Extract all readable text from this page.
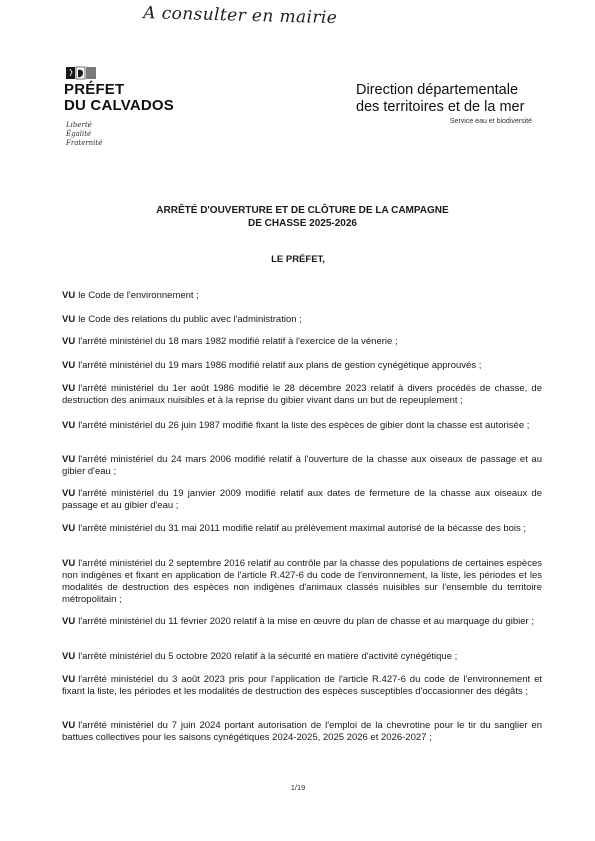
A consulter en mairie
PRÉFET
DU CALVADOS
Liberté
Égalité
Fraternité
Direction départementale
des territoires et de la mer
Service eau et biodiversité
ARRÊTÉ D'OUVERTURE ET DE CLÔTURE DE LA CAMPAGNE
DE CHASSE 2025-2026
LE PRÉFET,
VU le Code de l'environnement ;
VU le Code des relations du public avec l'administration ;
VU l'arrêté ministériel du 18 mars 1982 modifié relatif à l'exercice de la vénerie ;
VU l'arrêté ministériel du 19 mars 1986 modifié relatif aux plans de gestion cynégétique approuvés ;
VU l'arrêté ministériel du 1er août 1986 modifié le 28 décembre 2023 relatif à divers procédés de chasse, de destruction des animaux nuisibles et à la reprise du gibier vivant dans un but de repeuplement ;
VU l'arrêté ministériel du 26 juin 1987 modifié fixant la liste des espèces de gibier dont la chasse est autorisée ;
VU l'arrêté ministériel du 24 mars 2006 modifié relatif à l'ouverture de la chasse aux oiseaux de passage et au gibier d'eau ;
VU l'arrêté ministériel du 19 janvier 2009 modifié relatif aux dates de fermeture de la chasse aux oiseaux de passage et au gibier d'eau ;
VU l'arrêté ministériel du 31 mai 2011 modifié relatif au prélèvement maximal autorisé de la bécasse des bois ;
VU l'arrêté ministériel du 2 septembre 2016 relatif au contrôle par la chasse des populations de certaines espèces non indigènes et fixant en application de l'article R.427-6 du code de l'environnement, la liste, les périodes et les modalités de destruction des espèces non indigènes d'animaux classés nuisibles sur l'ensemble du territoire métropolitain ;
VU l'arrêté ministériel du 11 février 2020 relatif à la mise en œuvre du plan de chasse et au marquage du gibier ;
VU l'arrêté ministériel du 5 octobre 2020 relatif à la sécurité en matière d'activité cynégétique ;
VU l'arrêté ministériel du 3 août 2023 pris pour l'application de l'article R.427-6 du code de l'environnement et fixant la liste, les périodes et les modalités de destruction des espèces susceptibles d'occasionner des dégâts ;
VU l'arrêté ministériel du 7 juin 2024 portant autorisation de l'emploi de la chevrotine pour le tir du sanglier en battues collectives pour les saisons cynégétiques 2024-2025, 2025 2026 et 2026-2027 ;
1/19
